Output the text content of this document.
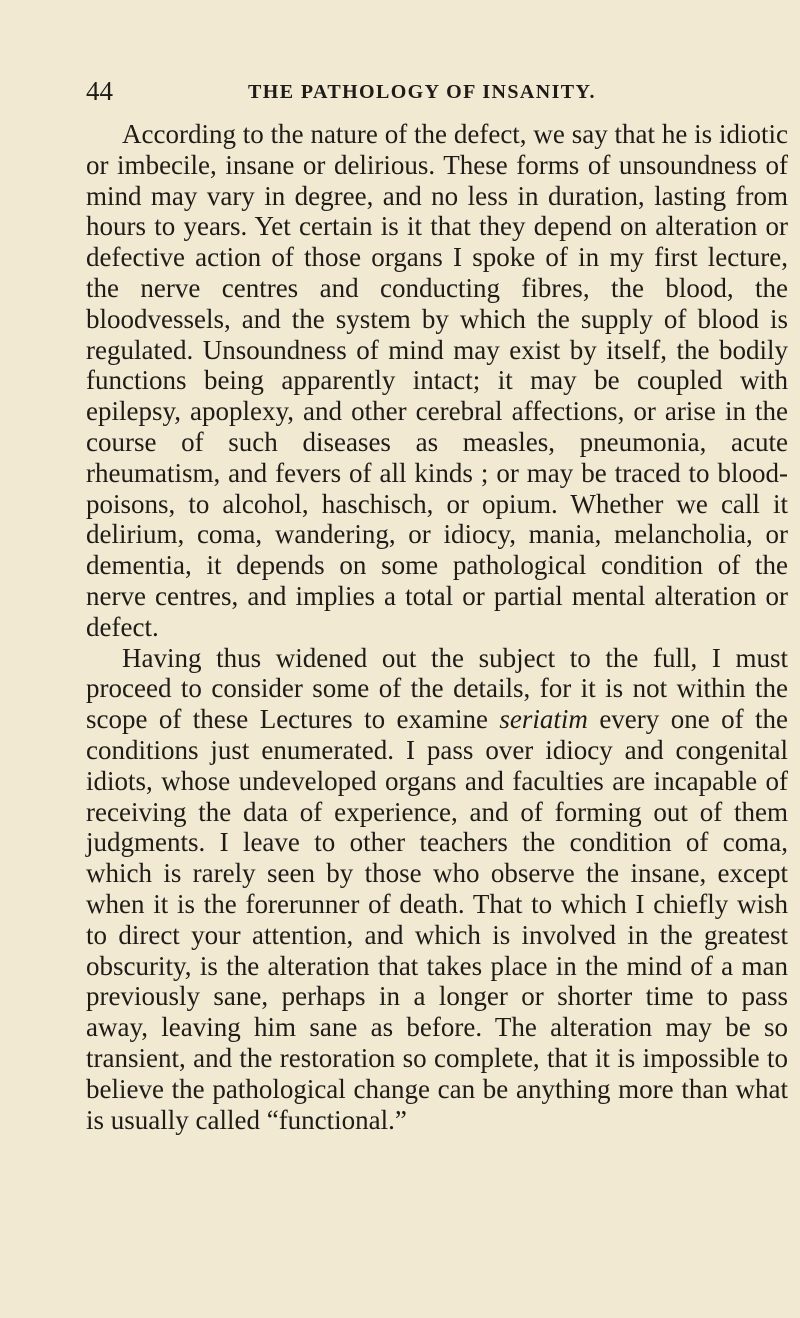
44	THE PATHOLOGY OF INSANITY.

According to the nature of the defect, we say that he is idiotic or imbecile, insane or delirious. These forms of unsoundness of mind may vary in degree, and no less in duration, lasting from hours to years. Yet certain is it that they depend on alteration or defective action of those organs I spoke of in my first lecture, the nerve centres and conducting fibres, the blood, the bloodvessels, and the system by which the supply of blood is regulated. Unsoundness of mind may exist by itself, the bodily functions being apparently intact; it may be coupled with epilepsy, apoplexy, and other cerebral affections, or arise in the course of such diseases as measles, pneumonia, acute rheumatism, and fevers of all kinds ; or may be traced to blood-poisons, to alcohol, haschisch, or opium. Whether we call it delirium, coma, wandering, or idiocy, mania, melancholia, or dementia, it depends on some pathological condition of the nerve centres, and implies a total or partial mental alteration or defect.

Having thus widened out the subject to the full, I must proceed to consider some of the details, for it is not within the scope of these Lectures to examine seriatim every one of the conditions just enumerated. I pass over idiocy and congenital idiots, whose undeveloped organs and faculties are incapable of receiving the data of experience, and of forming out of them judgments. I leave to other teachers the condition of coma, which is rarely seen by those who observe the insane, except when it is the forerunner of death. That to which I chiefly wish to direct your attention, and which is involved in the greatest obscurity, is the alteration that takes place in the mind of a man previously sane, perhaps in a longer or shorter time to pass away, leaving him sane as before. The alteration may be so transient, and the restoration so complete, that it is impossible to believe the pathological change can be anything more than what is usually called “functional.”
